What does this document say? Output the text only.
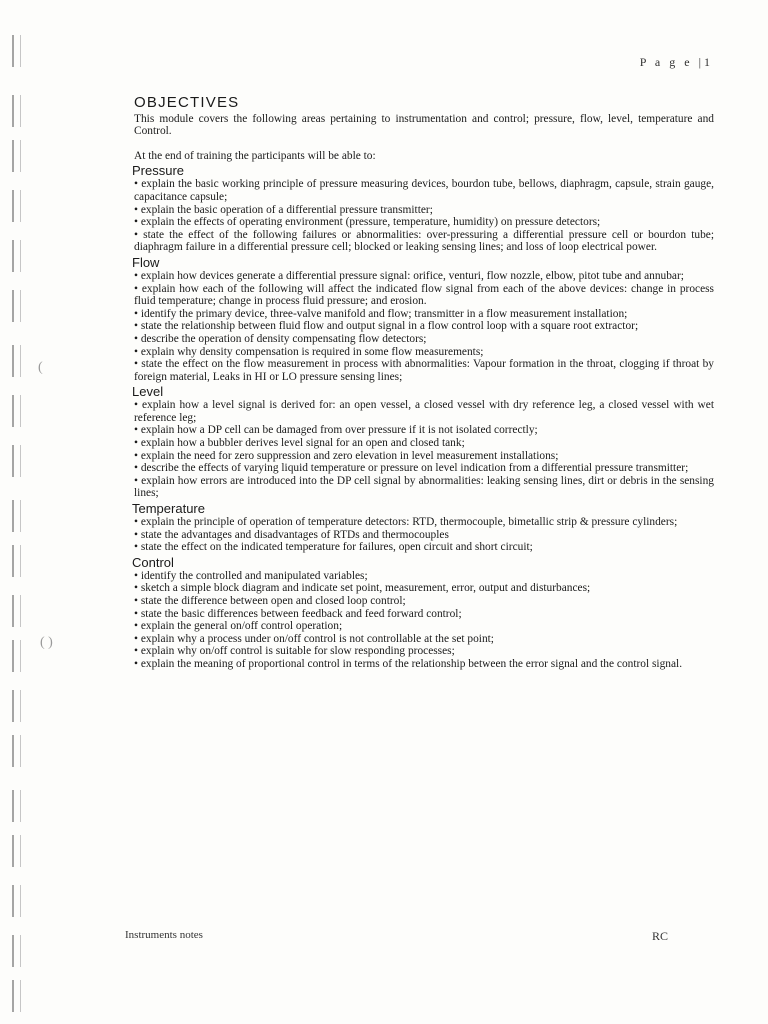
(
( )
P a g e |1
OBJECTIVES

This module covers the following areas pertaining to instrumentation and control; pressure, flow, level, temperature and Control.

At the end of training the participants will be able to:

Pressure
• explain the basic working principle of pressure measuring devices, bourdon tube, bellows, diaphragm, capsule, strain gauge, capacitance capsule;
• explain the basic operation of a differential pressure transmitter;
• explain the effects of operating environment (pressure, temperature, humidity) on pressure detectors;
• state the effect of the following failures or abnormalities: over-pressuring a differential pressure cell or bourdon tube; diaphragm failure in a differential pressure cell; blocked or leaking sensing lines; and loss of loop electrical power.
Flow
• explain how devices generate a differential pressure signal: orifice, venturi, flow nozzle, elbow, pitot tube and annubar;
• explain how each of the following will affect the indicated flow signal from each of the above devices: change in process fluid temperature; change in process fluid pressure; and erosion.
• identify the primary device, three-valve manifold and flow; transmitter in a flow measurement installation;
• state the relationship between fluid flow and output signal in a flow control loop with a square root extractor;
• describe the operation of density compensating flow detectors;
• explain why density compensation is required in some flow measurements;
• state the effect on the flow measurement in process with abnormalities: Vapour formation in the throat, clogging if throat by foreign material, Leaks in HI or LO pressure sensing lines;
Level
• explain how a level signal is derived for: an open vessel, a closed vessel with dry reference leg, a closed vessel with wet reference leg;
• explain how a DP cell can be damaged from over pressure if it is not isolated correctly;
• explain how a bubbler derives level signal for an open and closed tank;
• explain the need for zero suppression and zero elevation in level measurement installations;
• describe the effects of varying liquid temperature or pressure on level indication from a differential pressure transmitter;
• explain how errors are introduced into the DP cell signal by abnormalities: leaking sensing lines, dirt or debris in the sensing lines;
Temperature
• explain the principle of operation of temperature detectors: RTD, thermocouple, bimetallic strip & pressure cylinders;
• state the advantages and disadvantages of RTDs and thermocouples
• state the effect on the indicated temperature for failures, open circuit and short circuit;
Control
• identify the controlled and manipulated variables;
• sketch a simple block diagram and indicate set point, measurement, error, output and disturbances;
• state the difference between open and closed loop control;
• state the basic differences between feedback and feed forward control;
• explain the general on/off control operation;
• explain why a process under on/off control is not controllable at the set point;
• explain why on/off control is suitable for slow responding processes;
• explain the meaning of proportional control in terms of the relationship between the error signal and the control signal.
Instruments notes	RC
